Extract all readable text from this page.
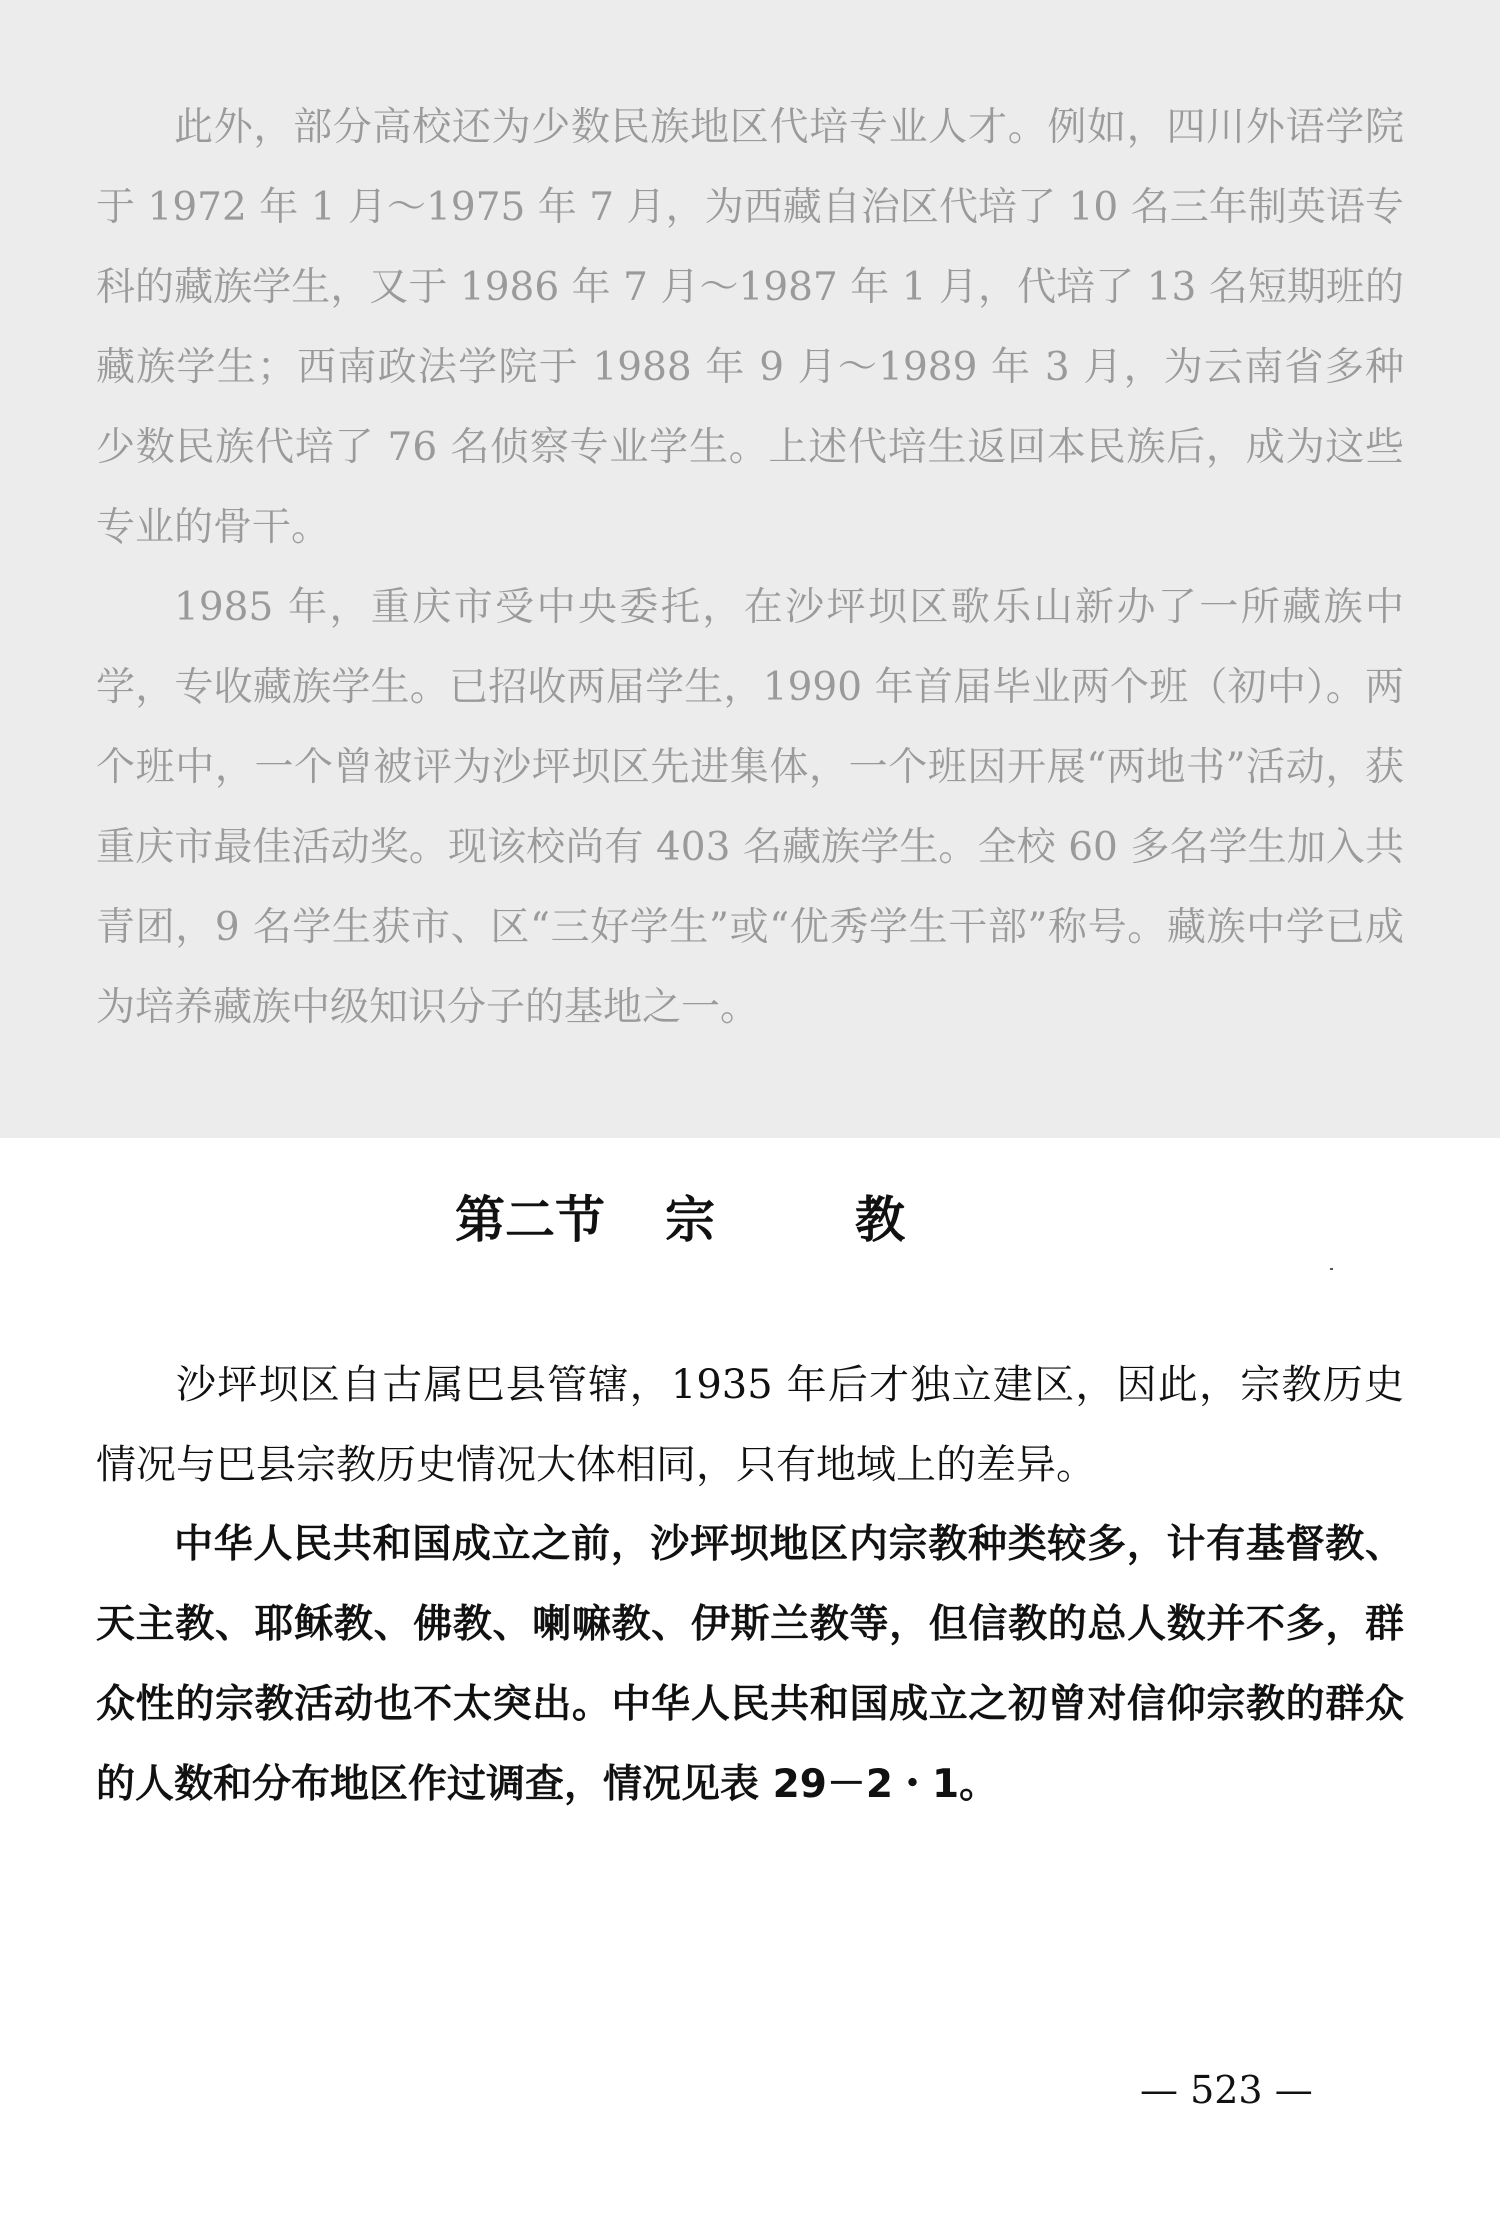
此外，部分高校还为少数民族地区代培专业人才。例如，四川外语学院于 1972 年 1 月～1975 年 7 月，为西藏自治区代培了 10 名三年制英语专科的藏族学生，又于 1986 年 7 月～1987 年 1 月，代培了 13 名短期班的藏族学生；西南政法学院于 1988 年 9 月～1989 年 3 月，为云南省多种少数民族代培了 76 名侦察专业学生。上述代培生返回本民族后，成为这些专业的骨干。

1985 年，重庆市受中央委托，在沙坪坝区歌乐山新办了一所藏族中学，专收藏族学生。已招收两届学生，1990 年首届毕业两个班（初中）。两个班中，一个曾被评为沙坪坝区先进集体，一个班因开展“两地书”活动，获重庆市最佳活动奖。现该校尚有 403 名藏族学生。全校 60 多名学生加入共青团，9 名学生获市、区“三好学生”或“优秀学生干部”称号。藏族中学已成为培养藏族中级知识分子的基地之一。

第二节 宗教

沙坪坝区自古属巴县管辖，1935 年后才独立建区，因此，宗教历史情况与巴县宗教历史情况大体相同，只有地域上的差异。

中华人民共和国成立之前，沙坪坝地区内宗教种类较多，计有基督教、天主教、耶稣教、佛教、喇嘛教、伊斯兰教等，但信教的总人数并不多，群众性的宗教活动也不太突出。中华人民共和国成立之初曾对信仰宗教的群众的人数和分布地区作过调查，情况见表 29－2・1。

— 523 —
